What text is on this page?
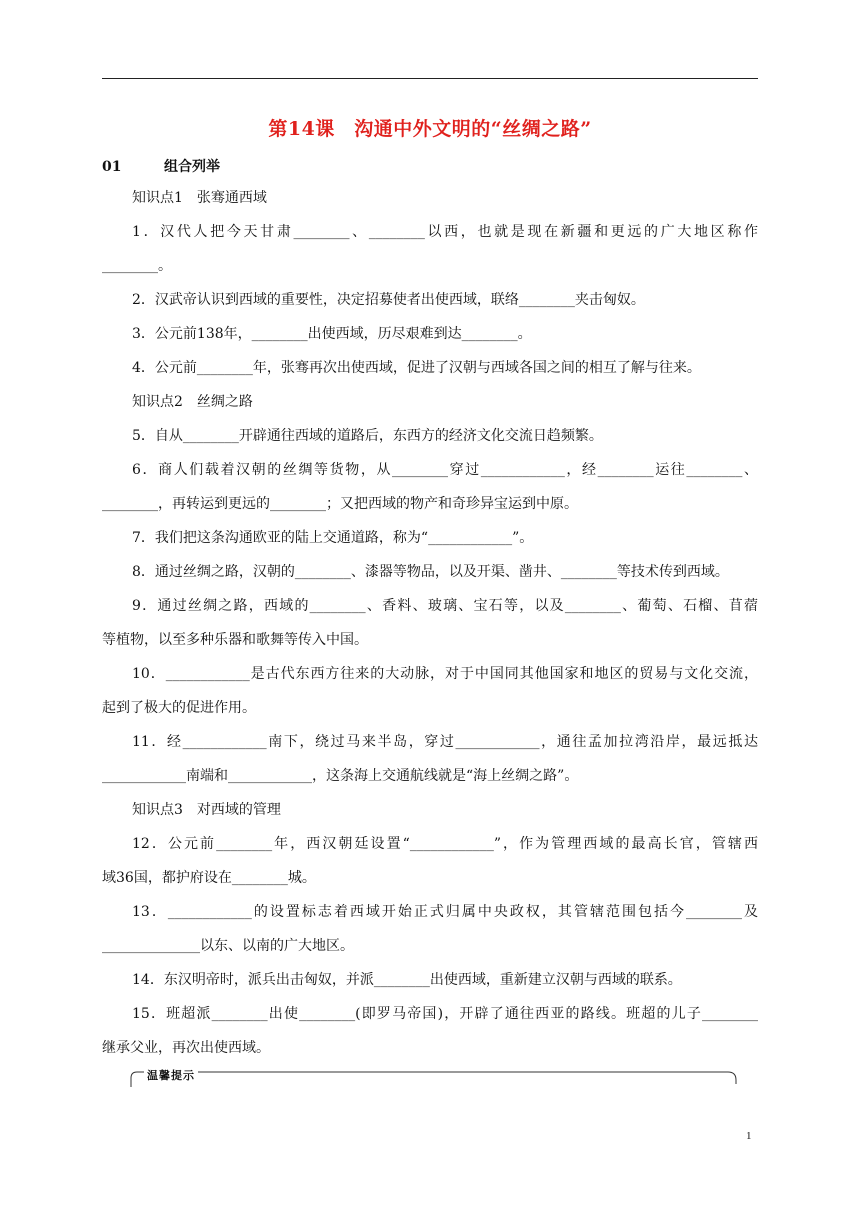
第14课　沟通中外文明的“丝绸之路”
01	组合列举
知识点1　张骞通西域
1．汉代人把今天甘肃________、________以西，也就是现在新疆和更远的广大地区称作
________。
2．汉武帝认识到西域的重要性，决定招募使者出使西域，联络________夹击匈奴。
3．公元前138年，________出使西域，历尽艰难到达________。
4．公元前________年，张骞再次出使西域，促进了汉朝与西域各国之间的相互了解与往来。
知识点2　丝绸之路
5．自从________开辟通往西域的道路后，东西方的经济文化交流日趋频繁。
6．商人们载着汉朝的丝绸等货物，从________穿过____________，经________运往________、
________，再转运到更远的________；又把西域的物产和奇珍异宝运到中原。
7．我们把这条沟通欧亚的陆上交通道路，称为“____________”。
8．通过丝绸之路，汉朝的________、漆器等物品，以及开渠、凿井、________等技术传到西域。
9．通过丝绸之路，西域的________、香料、玻璃、宝石等，以及________、葡萄、石榴、苜蓿
等植物，以至多种乐器和歌舞等传入中国。
10．____________是古代东西方往来的大动脉，对于中国同其他国家和地区的贸易与文化交流，
起到了极大的促进作用。
11．经____________南下，绕过马来半岛，穿过____________，通往孟加拉湾沿岸，最远抵达
____________南端和____________，这条海上交通航线就是“海上丝绸之路”。
知识点3　对西域的管理
12．公元前________年，西汉朝廷设置“____________”，作为管理西域的最高长官，管辖西
域36国，都护府设在________城。
13．____________的设置标志着西域开始正式归属中央政权，其管辖范围包括今________及
______________以东、以南的广大地区。
14．东汉明帝时，派兵出击匈奴，并派________出使西域，重新建立汉朝与西域的联系。
15．班超派________出使________(即罗马帝国)，开辟了通往西亚的路线。班超的儿子________
继承父业，再次出使西域。
温馨提示
1
